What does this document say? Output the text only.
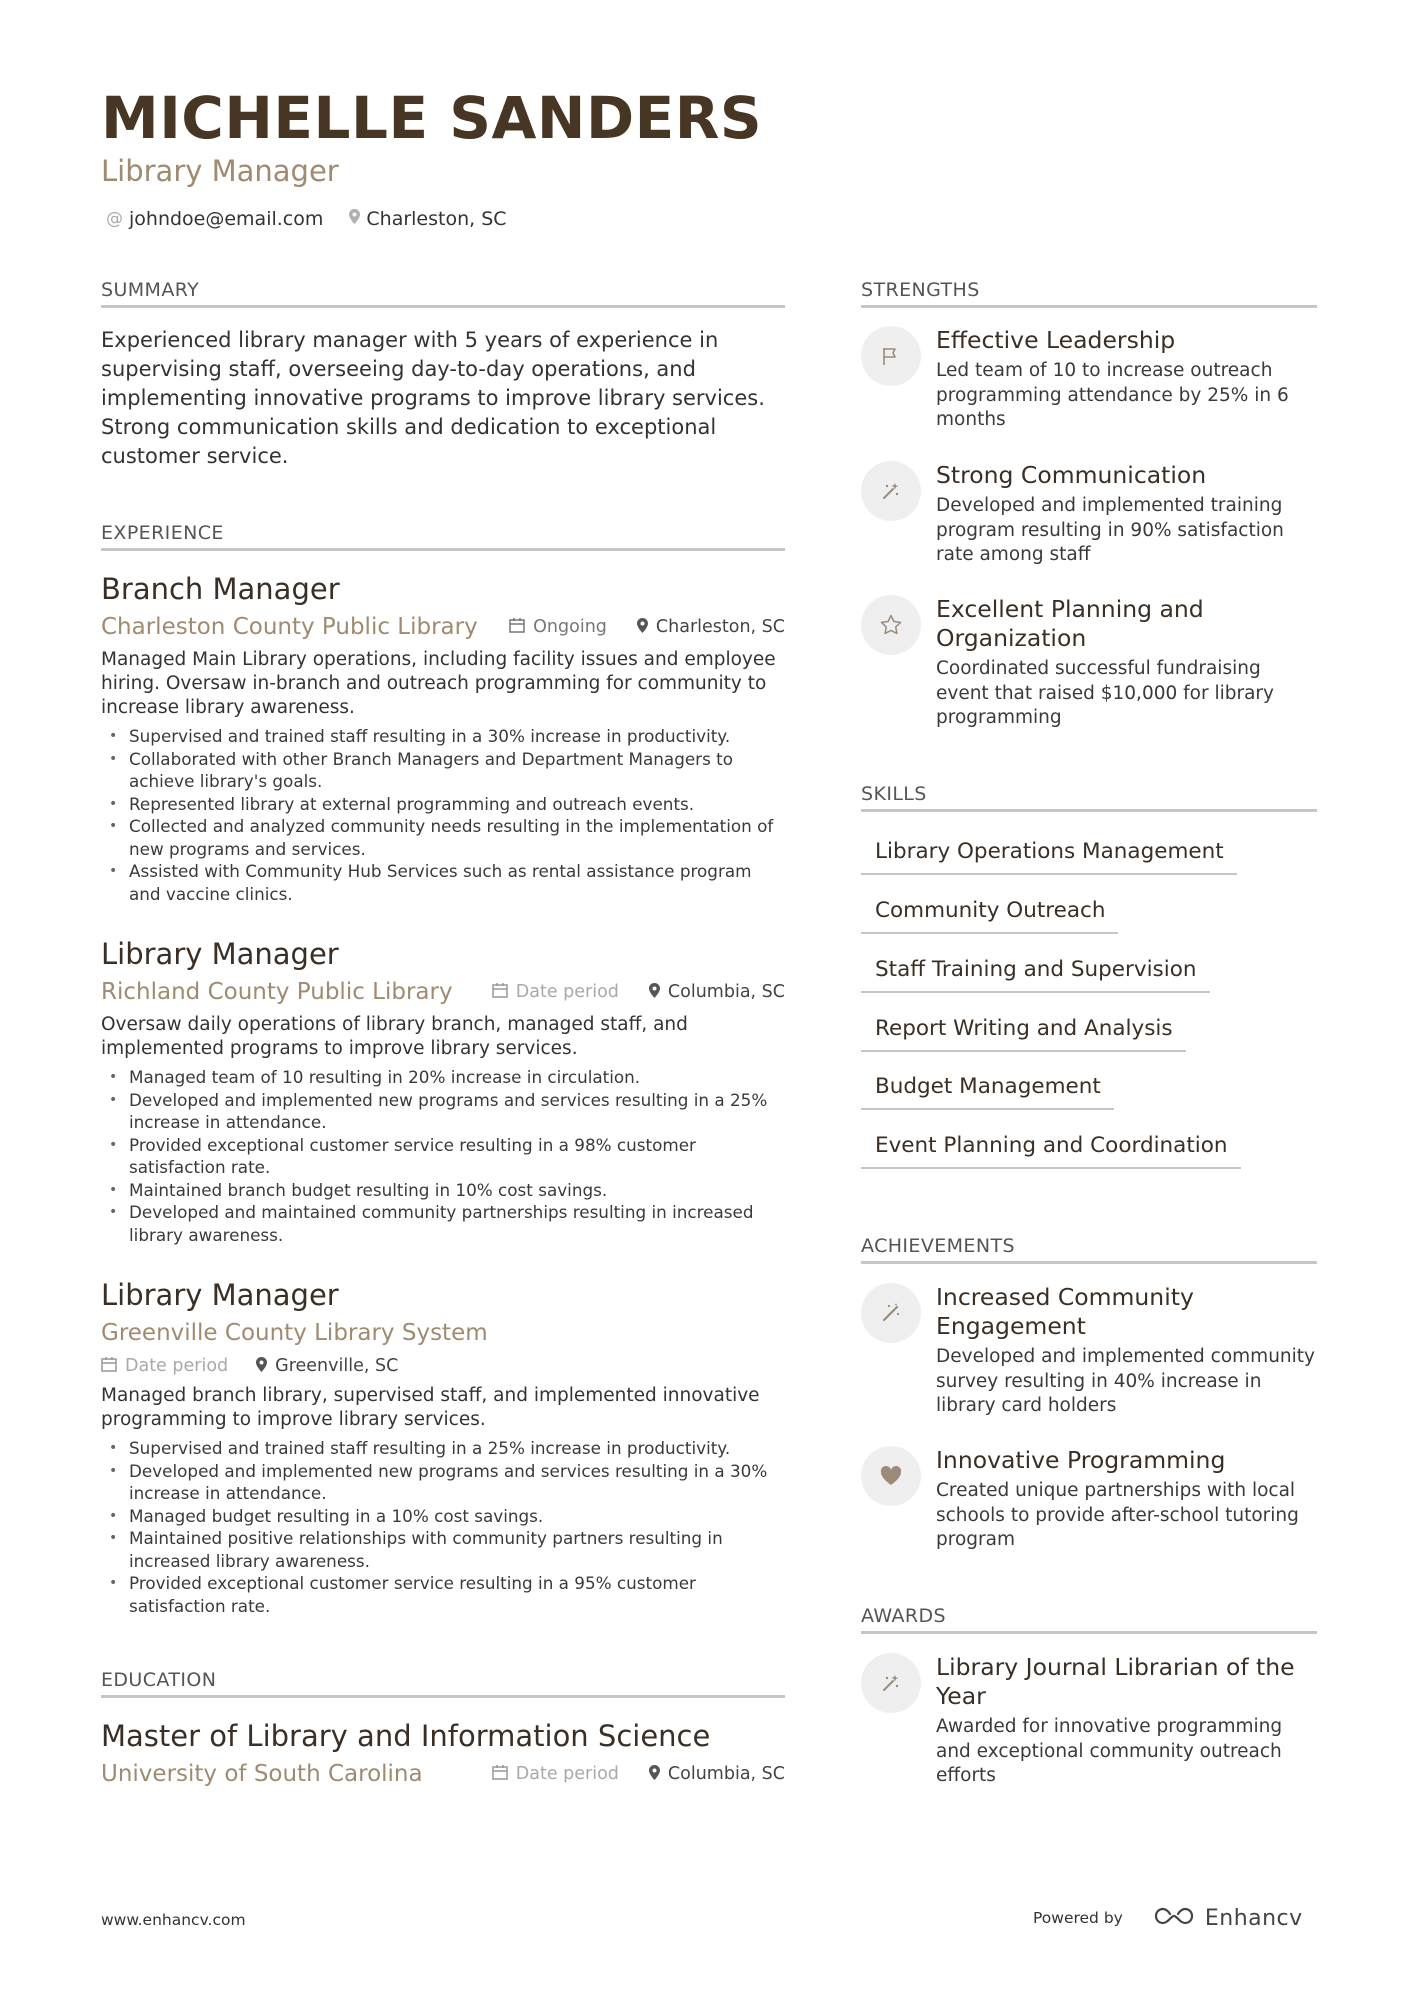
MICHELLE SANDERS
Library Manager
@ johndoe@email.com Charleston, SC
SUMMARY
Experienced library manager with 5 years of experience in supervising staff, overseeing day-to-day operations, and implementing innovative programs to improve library services. Strong communication skills and dedication to exceptional customer service.
EXPERIENCE
Branch Manager
Charleston County Public Library	Ongoing	Charleston, SC
Managed Main Library operations, including facility issues and employee hiring. Oversaw in-branch and outreach programming for community to increase library awareness.
• Supervised and trained staff resulting in a 30% increase in productivity.
• Collaborated with other Branch Managers and Department Managers to achieve library's goals.
• Represented library at external programming and outreach events.
• Collected and analyzed community needs resulting in the implementation of new programs and services.
• Assisted with Community Hub Services such as rental assistance program and vaccine clinics.
Library Manager
Richland County Public Library	Date period	Columbia, SC
Oversaw daily operations of library branch, managed staff, and implemented programs to improve library services.
• Managed team of 10 resulting in 20% increase in circulation.
• Developed and implemented new programs and services resulting in a 25% increase in attendance.
• Provided exceptional customer service resulting in a 98% customer satisfaction rate.
• Maintained branch budget resulting in 10% cost savings.
• Developed and maintained community partnerships resulting in increased library awareness.
Library Manager
Greenville County Library System
Date period	Greenville, SC
Managed branch library, supervised staff, and implemented innovative programming to improve library services.
• Supervised and trained staff resulting in a 25% increase in productivity.
• Developed and implemented new programs and services resulting in a 30% increase in attendance.
• Managed budget resulting in a 10% cost savings.
• Maintained positive relationships with community partners resulting in increased library awareness.
• Provided exceptional customer service resulting in a 95% customer satisfaction rate.
EDUCATION
Master of Library and Information Science
University of South Carolina	Date period	Columbia, SC
STRENGTHS
Effective Leadership
Led team of 10 to increase outreach programming attendance by 25% in 6 months
Strong Communication
Developed and implemented training program resulting in 90% satisfaction rate among staff
Excellent Planning and Organization
Coordinated successful fundraising event that raised $10,000 for library programming
SKILLS
Library Operations Management
Community Outreach
Staff Training and Supervision
Report Writing and Analysis
Budget Management
Event Planning and Coordination
ACHIEVEMENTS
Increased Community Engagement
Developed and implemented community survey resulting in 40% increase in library card holders
Innovative Programming
Created unique partnerships with local schools to provide after-school tutoring program
AWARDS
Library Journal Librarian of the Year
Awarded for innovative programming and exceptional community outreach efforts
www.enhancv.com	Powered by	Enhancv
